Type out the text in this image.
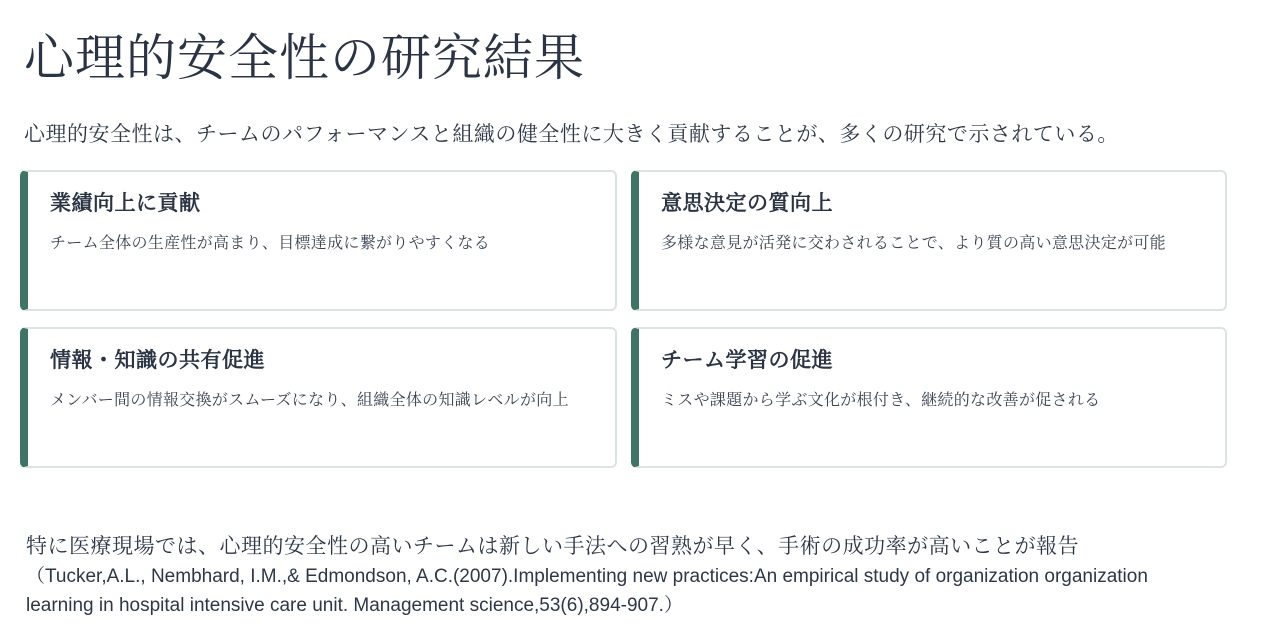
心理的安全性の研究結果
心理的安全性は、チームのパフォーマンスと組織の健全性に大きく貢献することが、多くの研究で示されている。
業績向上に貢献
チーム全体の生産性が高まり、目標達成に繋がりやすくなる
意思決定の質向上
多様な意見が活発に交わされることで、より質の高い意思決定が可能
情報・知識の共有促進
メンバー間の情報交換がスムーズになり、組織全体の知識レベルが向上
チーム学習の促進
ミスや課題から学ぶ文化が根付き、継続的な改善が促される
特に医療現場では、心理的安全性の高いチームは新しい手法への習熟が早く、手術の成功率が高いことが報告
（Tucker,A.L., Nembhard, I.M.,& Edmondson, A.C.(2007).Implementing new practices:An empirical study of organization organization learning in hospital intensive care unit. Management science,53(6),894-907.）
